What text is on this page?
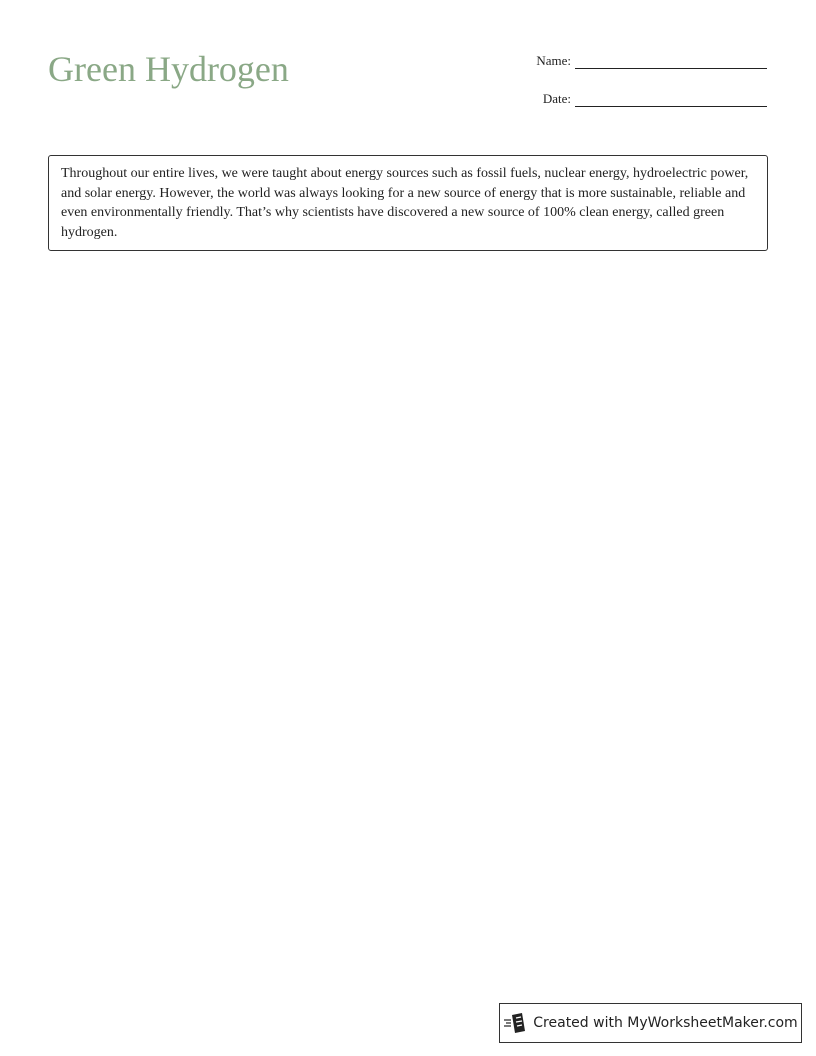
Green Hydrogen	Name:
Date:
Throughout our entire lives, we were taught about energy sources such as fossil fuels, nuclear energy, hydroelectric power, and solar energy. However, the world was always looking for a new source of energy that is more sustainable, reliable and even environmentally friendly. That’s why scientists have discovered a new source of 100% clean energy, called green hydrogen.
Created with MyWorksheetMaker.com
